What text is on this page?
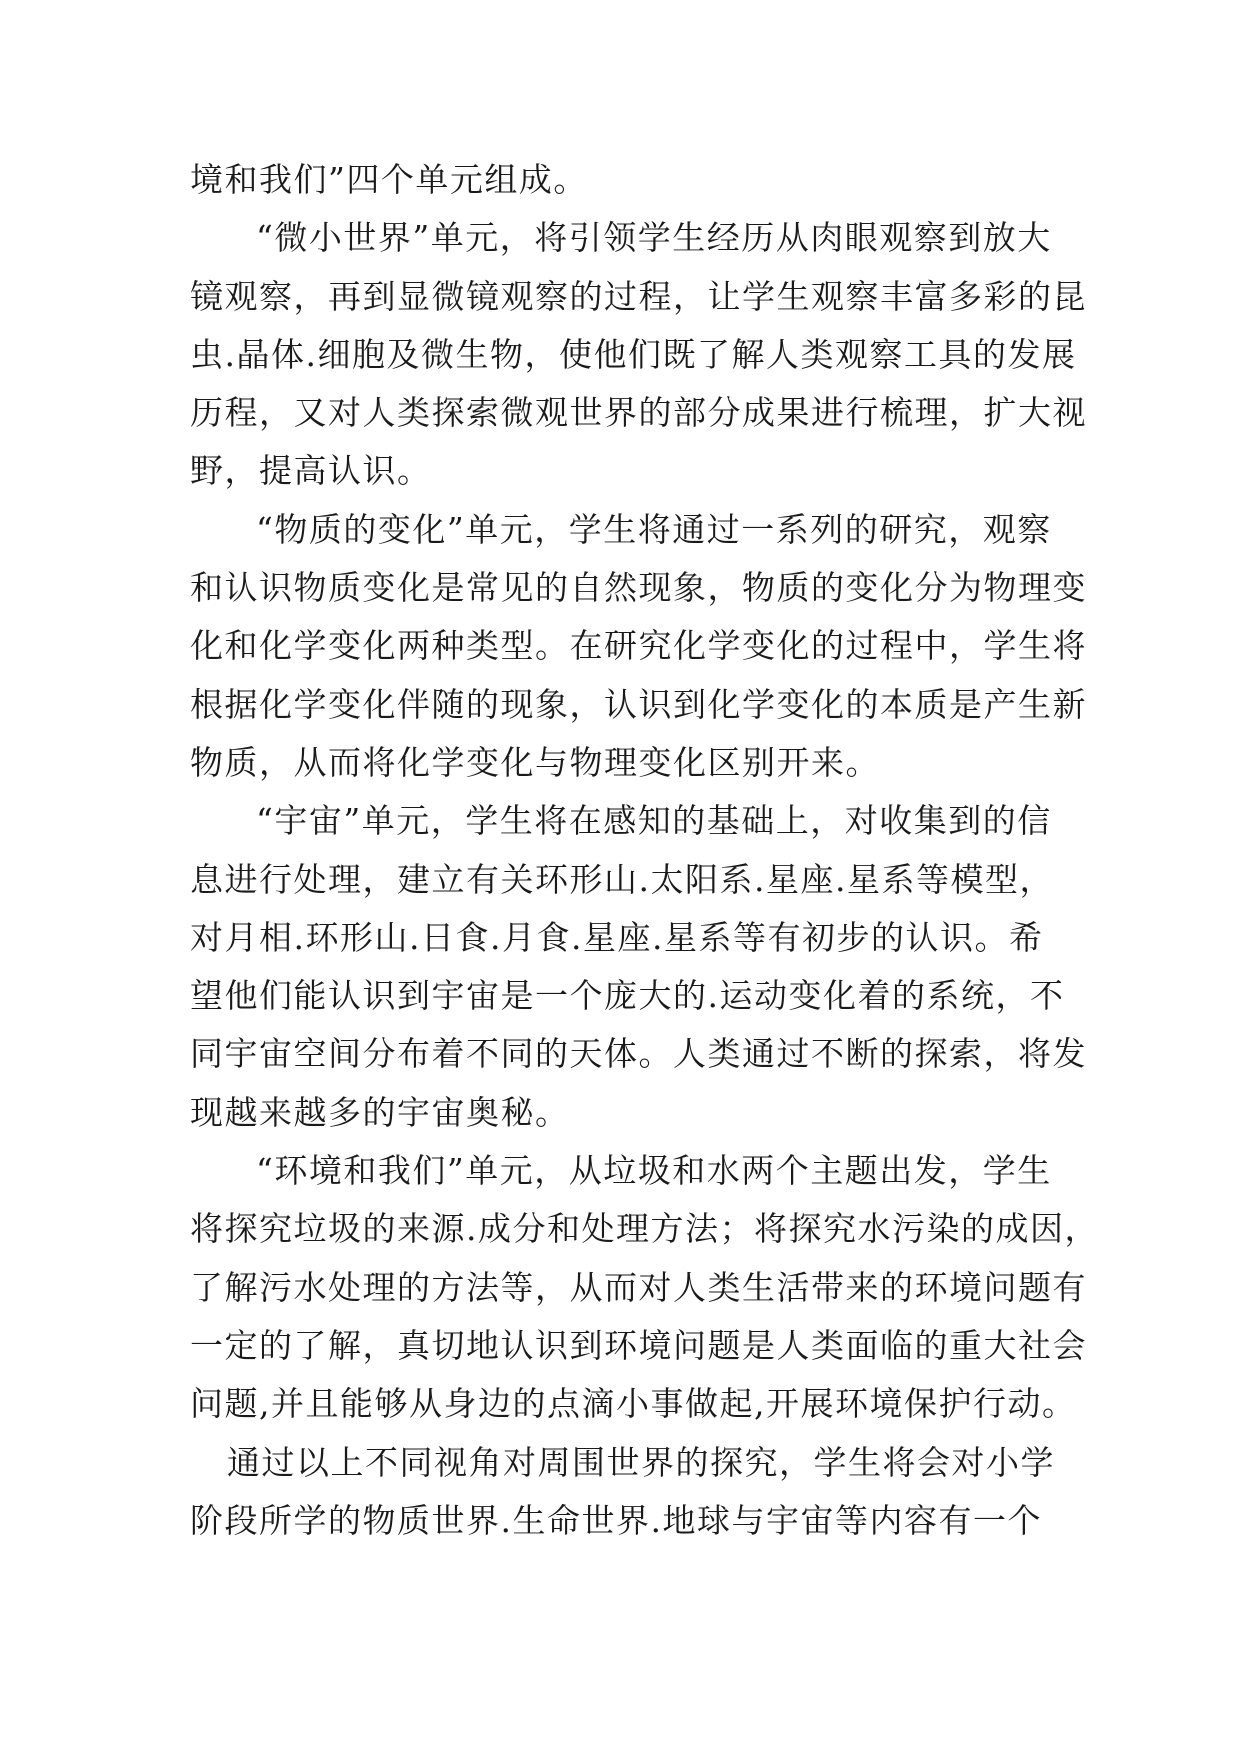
境和我们”四个单元组成。
“微小世界”单元，将引领学生经历从肉眼观察到放大
镜观察，再到显微镜观察的过程，让学生观察丰富多彩的昆
虫.晶体.细胞及微生物，使他们既了解人类观察工具的发展
历程，又对人类探索微观世界的部分成果进行梳理，扩大视
野，提高认识。
“物质的变化”单元，学生将通过一系列的研究，观察
和认识物质变化是常见的自然现象，物质的变化分为物理变
化和化学变化两种类型。在研究化学变化的过程中，学生将
根据化学变化伴随的现象，认识到化学变化的本质是产生新
物质，从而将化学变化与物理变化区别开来。
“宇宙”单元，学生将在感知的基础上，对收集到的信
息进行处理，建立有关环形山.太阳系.星座.星系等模型，
对月相.环形山.日食.月食.星座.星系等有初步的认识。希
望他们能认识到宇宙是一个庞大的.运动变化着的系统，不
同宇宙空间分布着不同的天体。人类通过不断的探索，将发
现越来越多的宇宙奥秘。
“环境和我们”单元，从垃圾和水两个主题出发，学生
将探究垃圾的来源.成分和处理方法；将探究水污染的成因，
了解污水处理的方法等，从而对人类生活带来的环境问题有
一定的了解，真切地认识到环境问题是人类面临的重大社会
问题,并且能够从身边的点滴小事做起,开展环境保护行动。
通过以上不同视角对周围世界的探究，学生将会对小学
阶段所学的物质世界.生命世界.地球与宇宙等内容有一个
